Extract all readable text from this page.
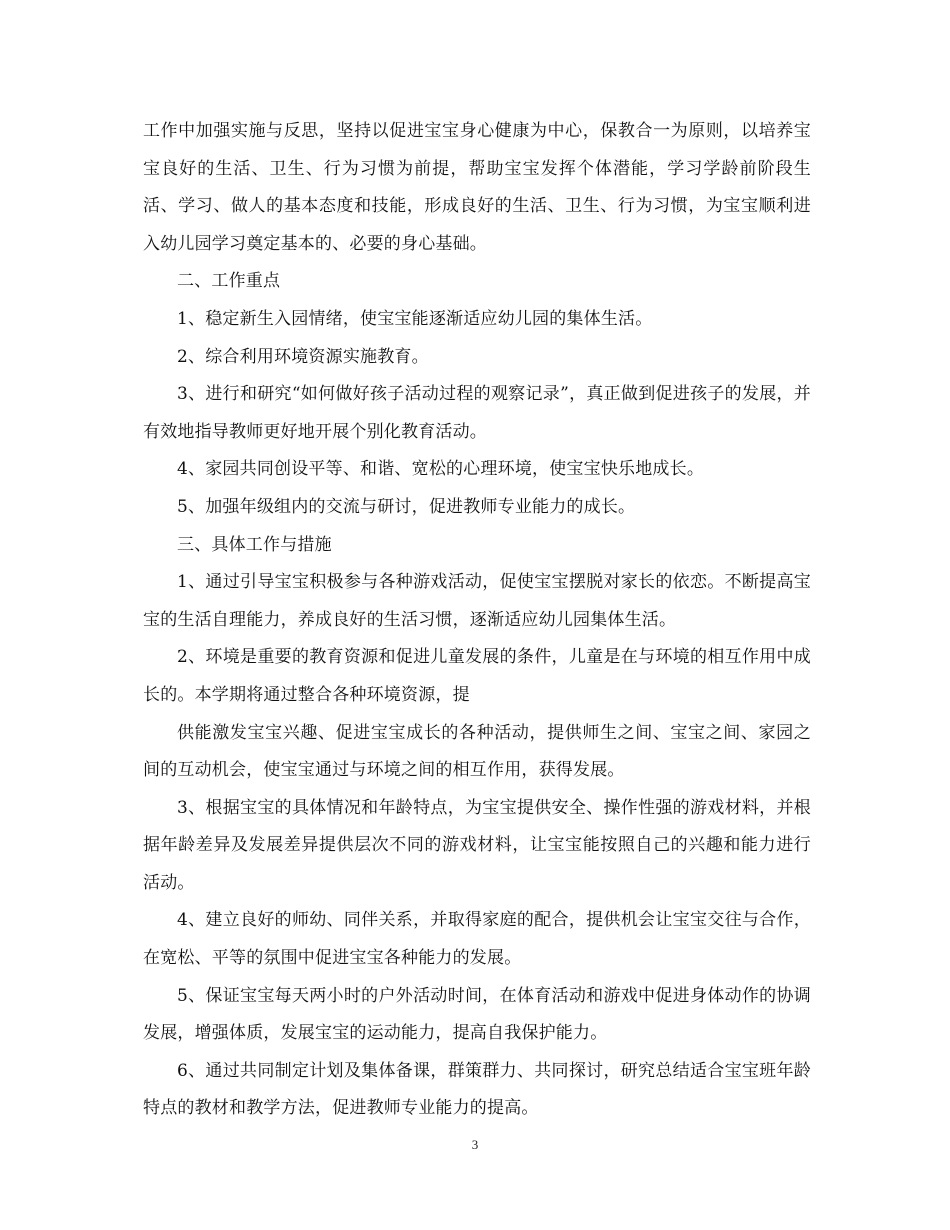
工作中加强实施与反思，坚持以促进宝宝身心健康为中心，保教合一为原则，以培养宝宝良好的生活、卫生、行为习惯为前提，帮助宝宝发挥个体潜能，学习学龄前阶段生活、学习、做人的基本态度和技能，形成良好的生活、卫生、行为习惯，为宝宝顺利进入幼儿园学习奠定基本的、必要的身心基础。

二、工作重点

1、稳定新生入园情绪，使宝宝能逐渐适应幼儿园的集体生活。

2、综合利用环境资源实施教育。

3、进行和研究“如何做好孩子活动过程的观察记录”，真正做到促进孩子的发展，并有效地指导教师更好地开展个别化教育活动。

4、家园共同创设平等、和谐、宽松的心理环境，使宝宝快乐地成长。

5、加强年级组内的交流与研讨，促进教师专业能力的成长。

三、具体工作与措施

1、通过引导宝宝积极参与各种游戏活动，促使宝宝摆脱对家长的依恋。不断提高宝宝的生活自理能力，养成良好的生活习惯，逐渐适应幼儿园集体生活。

2、环境是重要的教育资源和促进儿童发展的条件，儿童是在与环境的相互作用中成长的。本学期将通过整合各种环境资源，提

供能激发宝宝兴趣、促进宝宝成长的各种活动，提供师生之间、宝宝之间、家园之间的互动机会，使宝宝通过与环境之间的相互作用，获得发展。

3、根据宝宝的具体情况和年龄特点，为宝宝提供安全、操作性强的游戏材料，并根据年龄差异及发展差异提供层次不同的游戏材料，让宝宝能按照自己的兴趣和能力进行活动。

4、建立良好的师幼、同伴关系，并取得家庭的配合，提供机会让宝宝交往与合作，在宽松、平等的氛围中促进宝宝各种能力的发展。

5、保证宝宝每天两小时的户外活动时间，在体育活动和游戏中促进身体动作的协调发展，增强体质，发展宝宝的运动能力，提高自我保护能力。

6、通过共同制定计划及集体备课，群策群力、共同探讨，研究总结适合宝宝班年龄特点的教材和教学方法，促进教师专业能力的提高。

3
